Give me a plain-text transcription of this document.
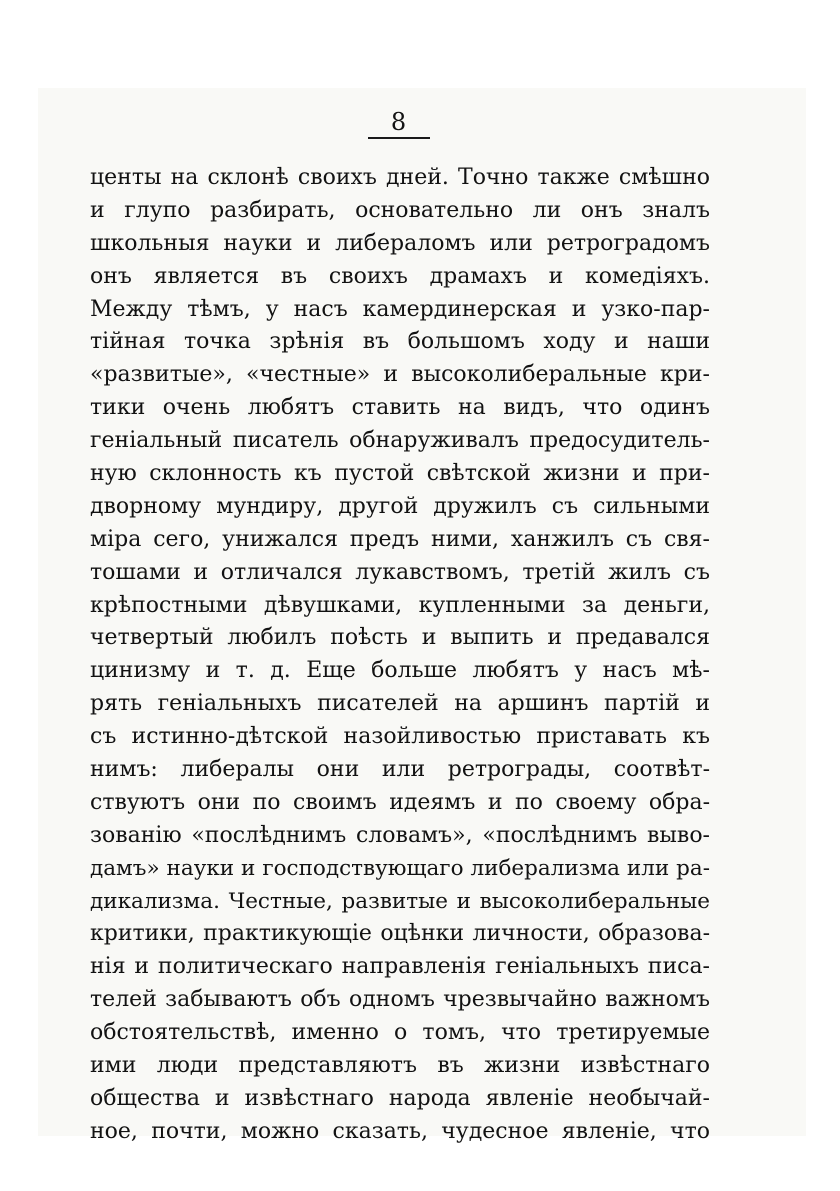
8
центы на склонѣ своихъ дней. Точно также смѣшно
и глупо разбирать, основательно ли онъ зналъ
школьныя науки и либераломъ или ретроградомъ
онъ является въ своихъ драмахъ и комедіяхъ.
Между тѣмъ, у насъ камердинерская и узко-пар-
тійная точка зрѣнія въ большомъ ходу и наши
«развитые», «честные» и высоколиберальные кри-
тики очень любятъ ставить на видъ, что одинъ
геніальный писатель обнаруживалъ предосудитель-
ную склонность къ пустой свѣтской жизни и при-
дворному мундиру, другой дружилъ съ сильными
міра сего, унижался предъ ними, ханжилъ съ свя-
тошами и отличался лукавствомъ, третій жилъ съ
крѣпостными дѣвушками, купленными за деньги,
четвертый любилъ поѣсть и выпить и предавался
цинизму и т. д. Еще больше любятъ у насъ мѣ-
рять геніальныхъ писателей на аршинъ партій и
съ истинно-дѣтской назойливостью приставать къ
нимъ: либералы они или ретрограды, соотвѣт-
ствуютъ они по своимъ идеямъ и по своему обра-
зованію «послѣднимъ словамъ», «послѣднимъ выво-
дамъ» науки и господствующаго либерализма или ра-
дикализма. Честные, развитые и высоколиберальные
критики, практикующіе оцѣнки личности, образова-
нія и политическаго направленія геніальныхъ писа-
телей забываютъ объ одномъ чрезвычайно важномъ
обстоятельствѣ, именно о томъ, что третируемые
ими люди представляютъ въ жизни извѣстнаго
общества и извѣстнаго народа явленіе необычай-
ное, почти, можно сказать, чудесное явленіе, что
